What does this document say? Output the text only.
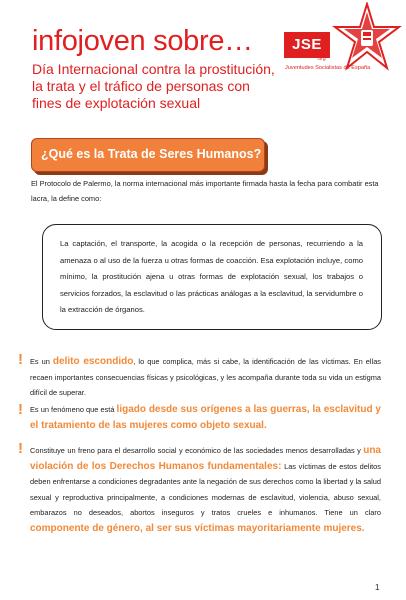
infojoven sobre…
Día Internacional contra la prostitución, la trata y el tráfico de personas con fines de explotación sexual
JSE
.org
Juventudes Socialistas de España
¿Qué es la Trata de Seres Humanos?
El Protocolo de Palermo, la norma internacional más importante firmada hasta la fecha para combatir esta lacra, la define como:
La captación, el transporte, la acogida o la recepción de personas, recurriendo a la amenaza o al uso de la fuerza u otras formas de coacción. Esa explotación incluye, como mínimo, la prostitución ajena u otras formas de explotación sexual, los trabajos o servicios forzados, la esclavitud o las prácticas análogas a la esclavitud, la servidumbre o la extracción de órganos.
! Es un delito escondido, lo que complica, más si cabe, la identificación de las víctimas. En ellas recaen importantes consecuencias físicas y psicológicas, y les acompaña durante toda su vida un estigma difícil de superar.
! Es un fenómeno que está ligado desde sus orígenes a las guerras, la esclavitud y el tratamiento de las mujeres como objeto sexual.
! Constituye un freno para el desarrollo social y económico de las sociedades menos desarrolladas y una violación de los Derechos Humanos fundamentales: Las víctimas de estos delitos deben enfrentarse a condiciones degradantes ante la negación de sus derechos como la libertad y la salud sexual y reproductiva principalmente, a condiciones modernas de esclavitud, violencia, abuso sexual, embarazos no deseados, abortos inseguros y tratos crueles e inhumanos. Tiene un claro componente de género, al ser sus víctimas mayoritariamente mujeres.
1
